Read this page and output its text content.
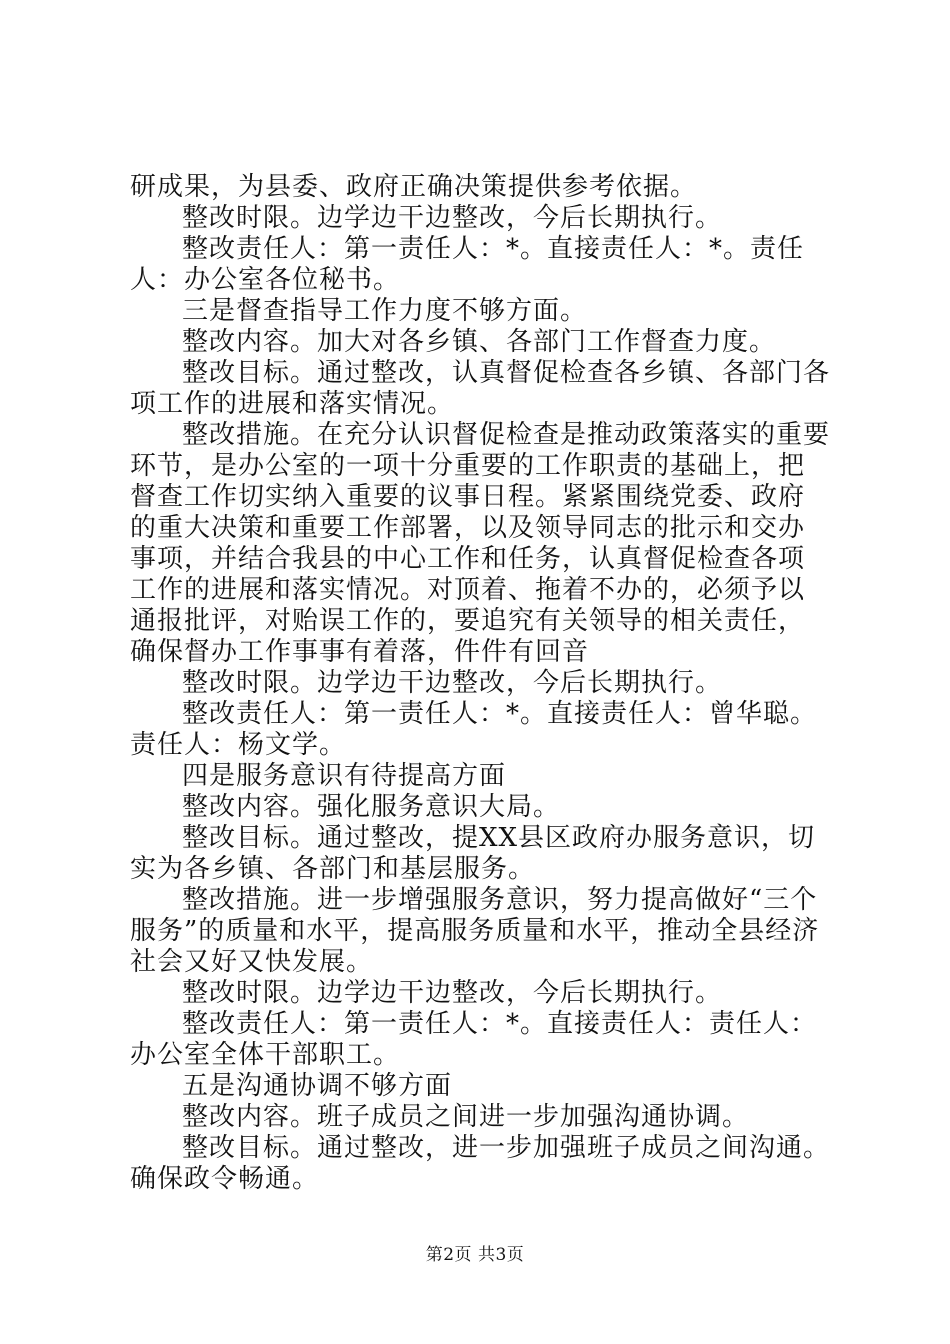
研成果，为县委、政府正确决策提供参考依据。

整改时限。边学边干边整改，今后长期执行。

整改责任人：第一责任人：*。直接责任人：*。责任人：办公室各位秘书。

三是督查指导工作力度不够方面。

整改内容。加大对各乡镇、各部门工作督查力度。

整改目标。通过整改，认真督促检查各乡镇、各部门各项工作的进展和落实情况。

整改措施。在充分认识督促检查是推动政策落实的重要环节，是办公室的一项十分重要的工作职责的基础上，把督查工作切实纳入重要的议事日程。紧紧围绕党委、政府的重大决策和重要工作部署，以及领导同志的批示和交办事项，并结合我县的中心工作和任务，认真督促检查各项工作的进展和落实情况。对顶着、拖着不办的，必须予以通报批评，对贻误工作的，要追究有关领导的相关责任，确保督办工作事事有着落，件件有回音

整改时限。边学边干边整改，今后长期执行。

整改责任人：第一责任人：*。直接责任人：曾华聪。责任人：杨文学。

四是服务意识有待提高方面

整改内容。强化服务意识大局。

整改目标。通过整改，提XX县区政府办服务意识，切实为各乡镇、各部门和基层服务。

整改措施。进一步增强服务意识，努力提高做好“三个服务”的质量和水平，提高服务质量和水平，推动全县经济社会又好又快发展。

整改时限。边学边干边整改，今后长期执行。

整改责任人：第一责任人：*。直接责任人：责任人：办公室全体干部职工。

五是沟通协调不够方面

整改内容。班子成员之间进一步加强沟通协调。

整改目标。通过整改，进一步加强班子成员之间沟通。确保政令畅通。

第2页 共3页
